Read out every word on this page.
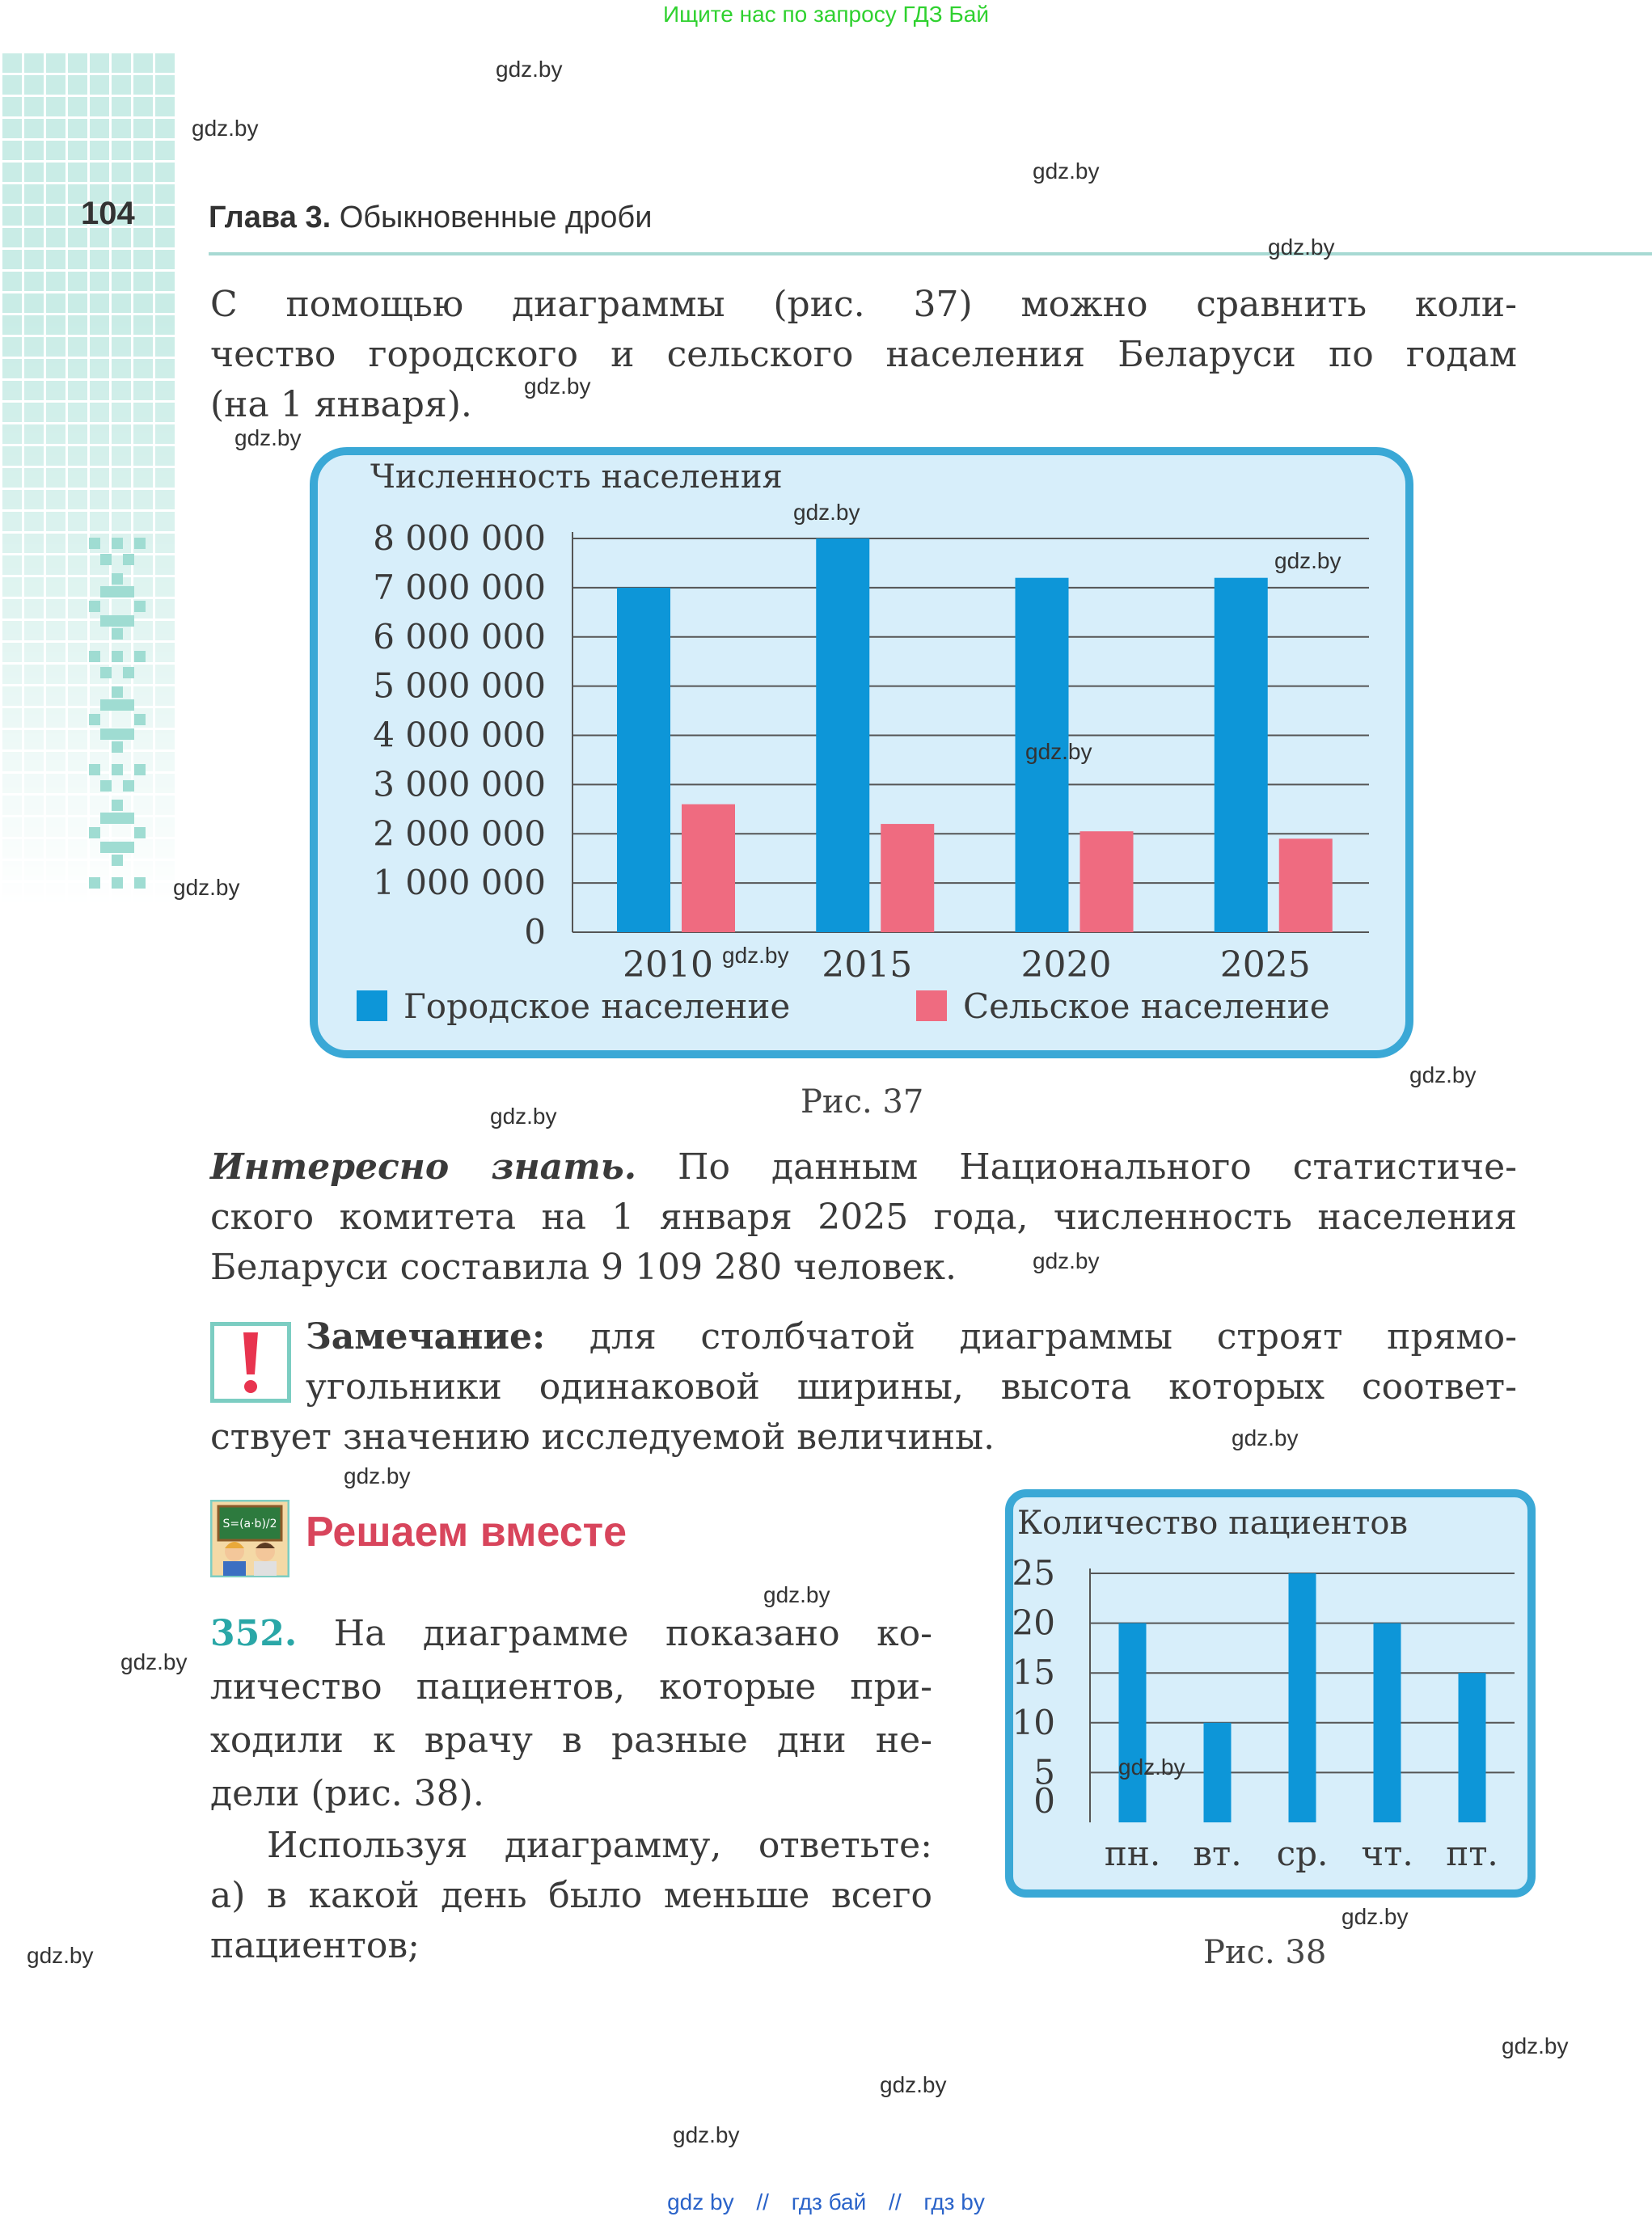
Ищите нас по запросу ГДЗ Бай
104 Глава 3. Обыкновенные дроби
С помощью диаграммы (рис. 37) можно сравнить коли-
чество городского и сельского населения Беларуси по годам
(на 1 января).
Численность населения
0
1 000 000
2 000 000
3 000 000
4 000 000
5 000 000
6 000 000
7 000 000
8 000 000
2010	2015	2020	2025
Городское население	Сельское население
Рис. 37
Интересно знать. По данным Национального статистиче-
ского комитета на 1 января 2025 года, численность населения
Беларуси составила 9 109 280 человек.
Замечание: для столбчатой диаграммы строят прямо-
угольники одинаковой ширины, высота которых соответ-
ствует значению исследуемой величины.
S=(a·b)/2 Решаем вместе
352. На диаграмме показано ко-
личество пациентов, которые при-
ходили к врачу в разные дни не-
дели (рис. 38).
Используя диаграмму, ответьте:
а) в какой день было меньше всего
пациентов;
Количество пациентов
0
5
10
15
20
25
пн. вт. ср. чт. пт.
Рис. 38
gdz.by
gdz.by
gdz.by
gdz.by
gdz.by
gdz.by
gdz.by
gdz.by
gdz.by
gdz.by
gdz.by
gdz.by
gdz.by
gdz.by
gdz.by
gdz.by
gdz.by
gdz.by
gdz.by
gdz.by
gdz.by
gdz.by
gdz.by
gdz.by
gdz by // гдз бай // гдз by
